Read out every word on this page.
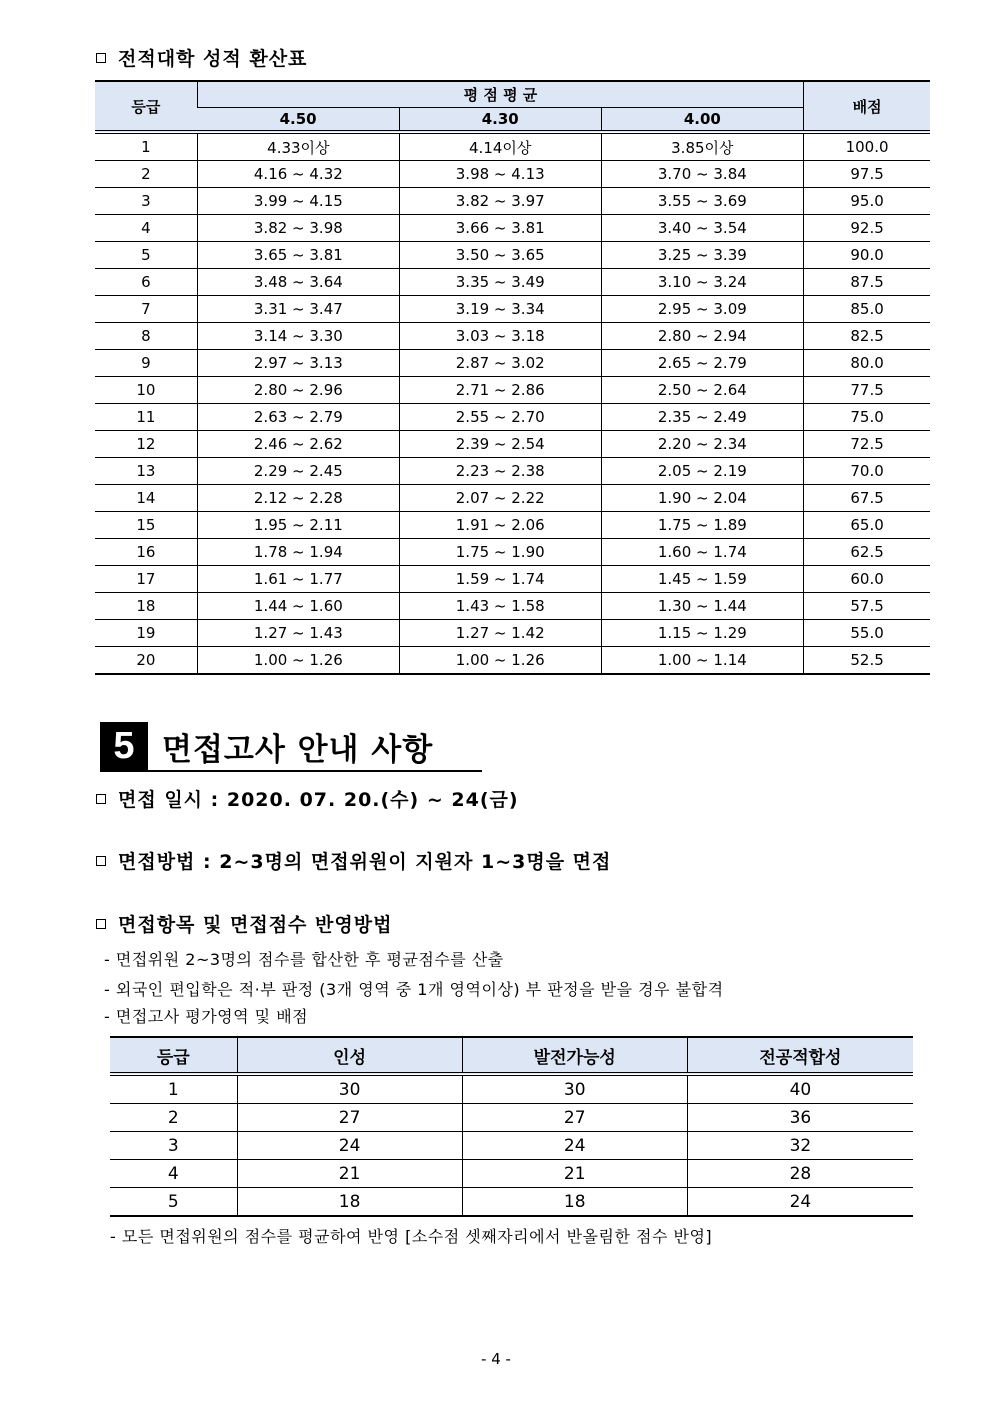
전적대학 성적 환산표
등급	평 점 평 균			배점
	4.50	4.30	4.00	
1	4.33이상	4.14이상	3.85이상	100.0
2	4.16 ~ 4.32	3.98 ~ 4.13	3.70 ~ 3.84	97.5
3	3.99 ~ 4.15	3.82 ~ 3.97	3.55 ~ 3.69	95.0
4	3.82 ~ 3.98	3.66 ~ 3.81	3.40 ~ 3.54	92.5
5	3.65 ~ 3.81	3.50 ~ 3.65	3.25 ~ 3.39	90.0
6	3.48 ~ 3.64	3.35 ~ 3.49	3.10 ~ 3.24	87.5
7	3.31 ~ 3.47	3.19 ~ 3.34	2.95 ~ 3.09	85.0
8	3.14 ~ 3.30	3.03 ~ 3.18	2.80 ~ 2.94	82.5
9	2.97 ~ 3.13	2.87 ~ 3.02	2.65 ~ 2.79	80.0
10	2.80 ~ 2.96	2.71 ~ 2.86	2.50 ~ 2.64	77.5
11	2.63 ~ 2.79	2.55 ~ 2.70	2.35 ~ 2.49	75.0
12	2.46 ~ 2.62	2.39 ~ 2.54	2.20 ~ 2.34	72.5
13	2.29 ~ 2.45	2.23 ~ 2.38	2.05 ~ 2.19	70.0
14	2.12 ~ 2.28	2.07 ~ 2.22	1.90 ~ 2.04	67.5
15	1.95 ~ 2.11	1.91 ~ 2.06	1.75 ~ 1.89	65.0
16	1.78 ~ 1.94	1.75 ~ 1.90	1.60 ~ 1.74	62.5
17	1.61 ~ 1.77	1.59 ~ 1.74	1.45 ~ 1.59	60.0
18	1.44 ~ 1.60	1.43 ~ 1.58	1.30 ~ 1.44	57.5
19	1.27 ~ 1.43	1.27 ~ 1.42	1.15 ~ 1.29	55.0
20	1.00 ~ 1.26	1.00 ~ 1.26	1.00 ~ 1.14	52.5
5 면접고사 안내 사항
면접 일시 : 2020. 07. 20.(수) ~ 24(금)
면접방법 : 2~3명의 면접위원이 지원자 1~3명을 면접
면접항목 및 면접점수 반영방법
- 면접위원 2~3명의 점수를 합산한 후 평균점수를 산출
- 외국인 편입학은 적·부 판정 (3개 영역 중 1개 영역이상) 부 판정을 받을 경우 불합격
- 면접고사 평가영역 및 배점
등급	인성	발전가능성	전공적합성
1	30	30	40
2	27	27	36
3	24	24	32
4	21	21	28
5	18	18	24
- 모든 면접위원의 점수를 평균하여 반영 [소수점 셋째자리에서 반올림한 점수 반영]
- 4 -
